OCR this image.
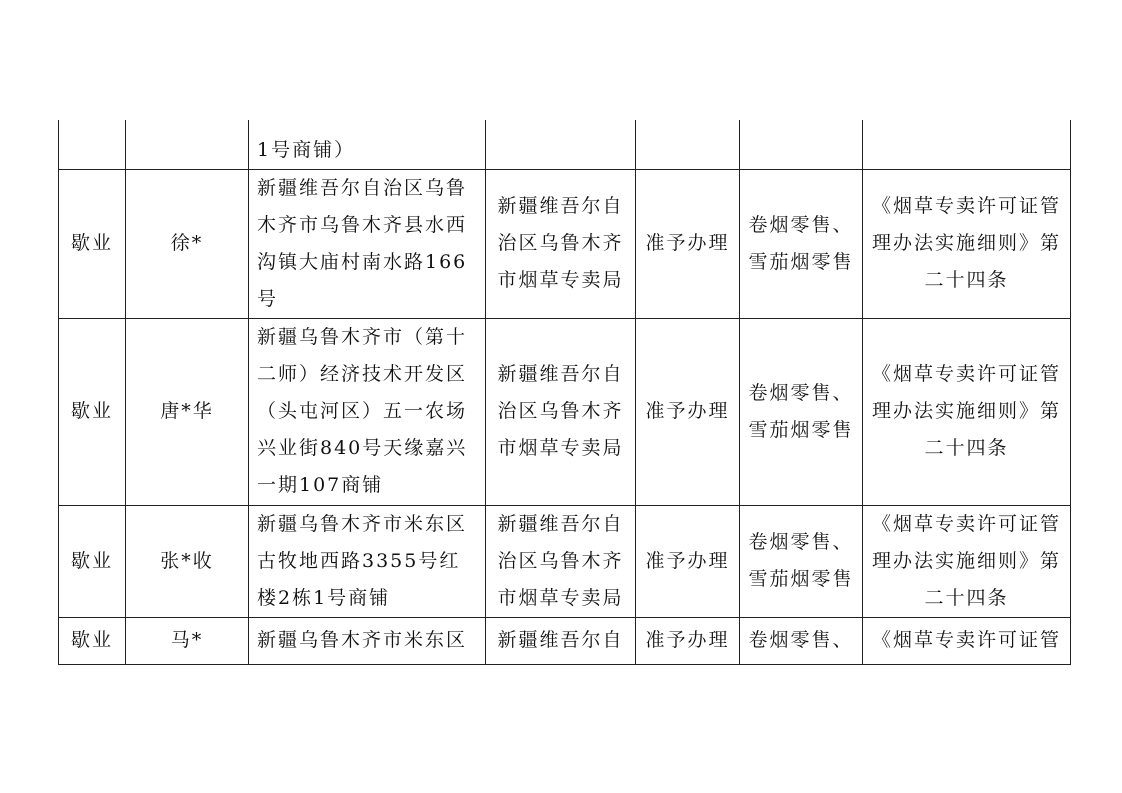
		1号商铺）				
歇业	徐*	新疆维吾尔自治区乌鲁木齐市乌鲁木齐县水西沟镇大庙村南水路166号	新疆维吾尔自治区乌鲁木齐市烟草专卖局	准予办理	卷烟零售、雪茄烟零售	《烟草专卖许可证管理办法实施细则》第二十四条
歇业	唐*华	新疆乌鲁木齐市（第十二师）经济技术开发区（头屯河区）五一农场兴业街840号天缘嘉兴一期107商铺	新疆维吾尔自治区乌鲁木齐市烟草专卖局	准予办理	卷烟零售、雪茄烟零售	《烟草专卖许可证管理办法实施细则》第二十四条
歇业	张*收	新疆乌鲁木齐市米东区古牧地西路3355号红楼2栋1号商铺	新疆维吾尔自治区乌鲁木齐市烟草专卖局	准予办理	卷烟零售、雪茄烟零售	《烟草专卖许可证管理办法实施细则》第二十四条
歇业	马*	新疆乌鲁木齐市米东区	新疆维吾尔自	准予办理	卷烟零售、	《烟草专卖许可证管
